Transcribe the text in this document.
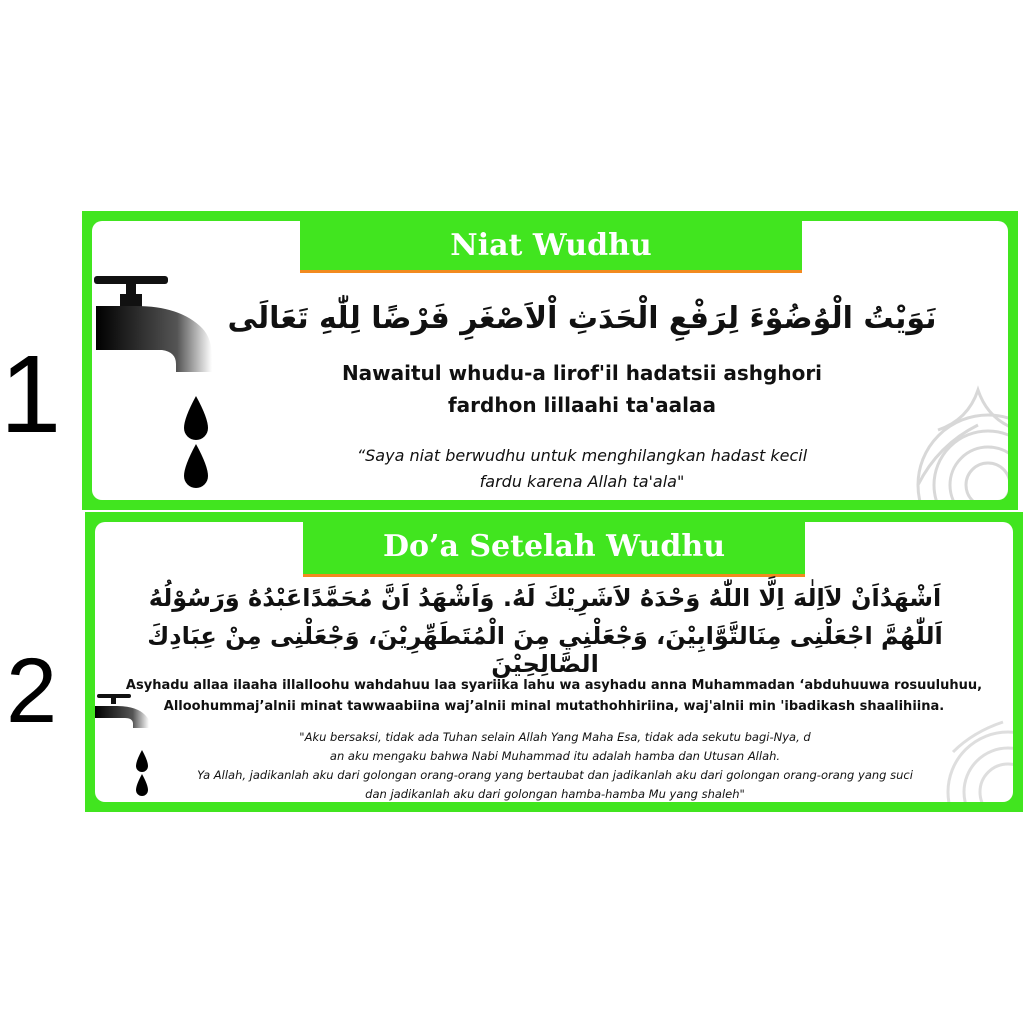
1
2
Niat Wudhu
نَوَيْتُ الْوُضُوْءَ لِرَفْعِ الْحَدَثِ اْلاَصْغَرِ فَرْضًا لِلّٰهِ تَعَالَى
Nawaitul whudu-a lirof'il hadatsii ashghori
fardhon lillaahi ta'aalaa
“Saya niat berwudhu untuk menghilangkan hadast kecil
fardu karena Allah ta'ala"
Do’a Setelah Wudhu
اَشْهَدُاَنْ لاَاِلٰهَ اِلَّا اللّٰهُ وَحْدَهُ لاَشَرِيْكَ لَهُ. وَاَشْهَدُ اَنَّ مُحَمَّدًاعَبْدُهُ وَرَسُوْلُهُ
اَللّٰهُمَّ اجْعَلْنِى مِنَالتَّوَّابِيْنَ، وَجْعَلْنِي مِنَ الْمُتَطَهِّرِيْنَ، وَجْعَلْنِى مِنْ عِبَادِكَ الصَّالِحِيْنَ
Asyhadu allaa ilaaha illalloohu wahdahuu laa syariika lahu wa asyhadu anna Muhammadan ‘abduhuuwa rosuuluhuu,
Alloohummaj’alnii minat tawwaabiina waj’alnii minal mutathohhiriina, waj'alnii min 'ibadikash shaalihiina.
"Aku bersaksi, tidak ada Tuhan selain Allah Yang Maha Esa, tidak ada sekutu bagi-Nya, d
an aku mengaku bahwa Nabi Muhammad itu adalah hamba dan Utusan Allah.
Ya Allah, jadikanlah aku dari golongan orang-orang yang bertaubat dan jadikanlah aku dari golongan orang-orang yang suci
dan jadikanlah aku dari golongan hamba-hamba Mu yang shaleh"
